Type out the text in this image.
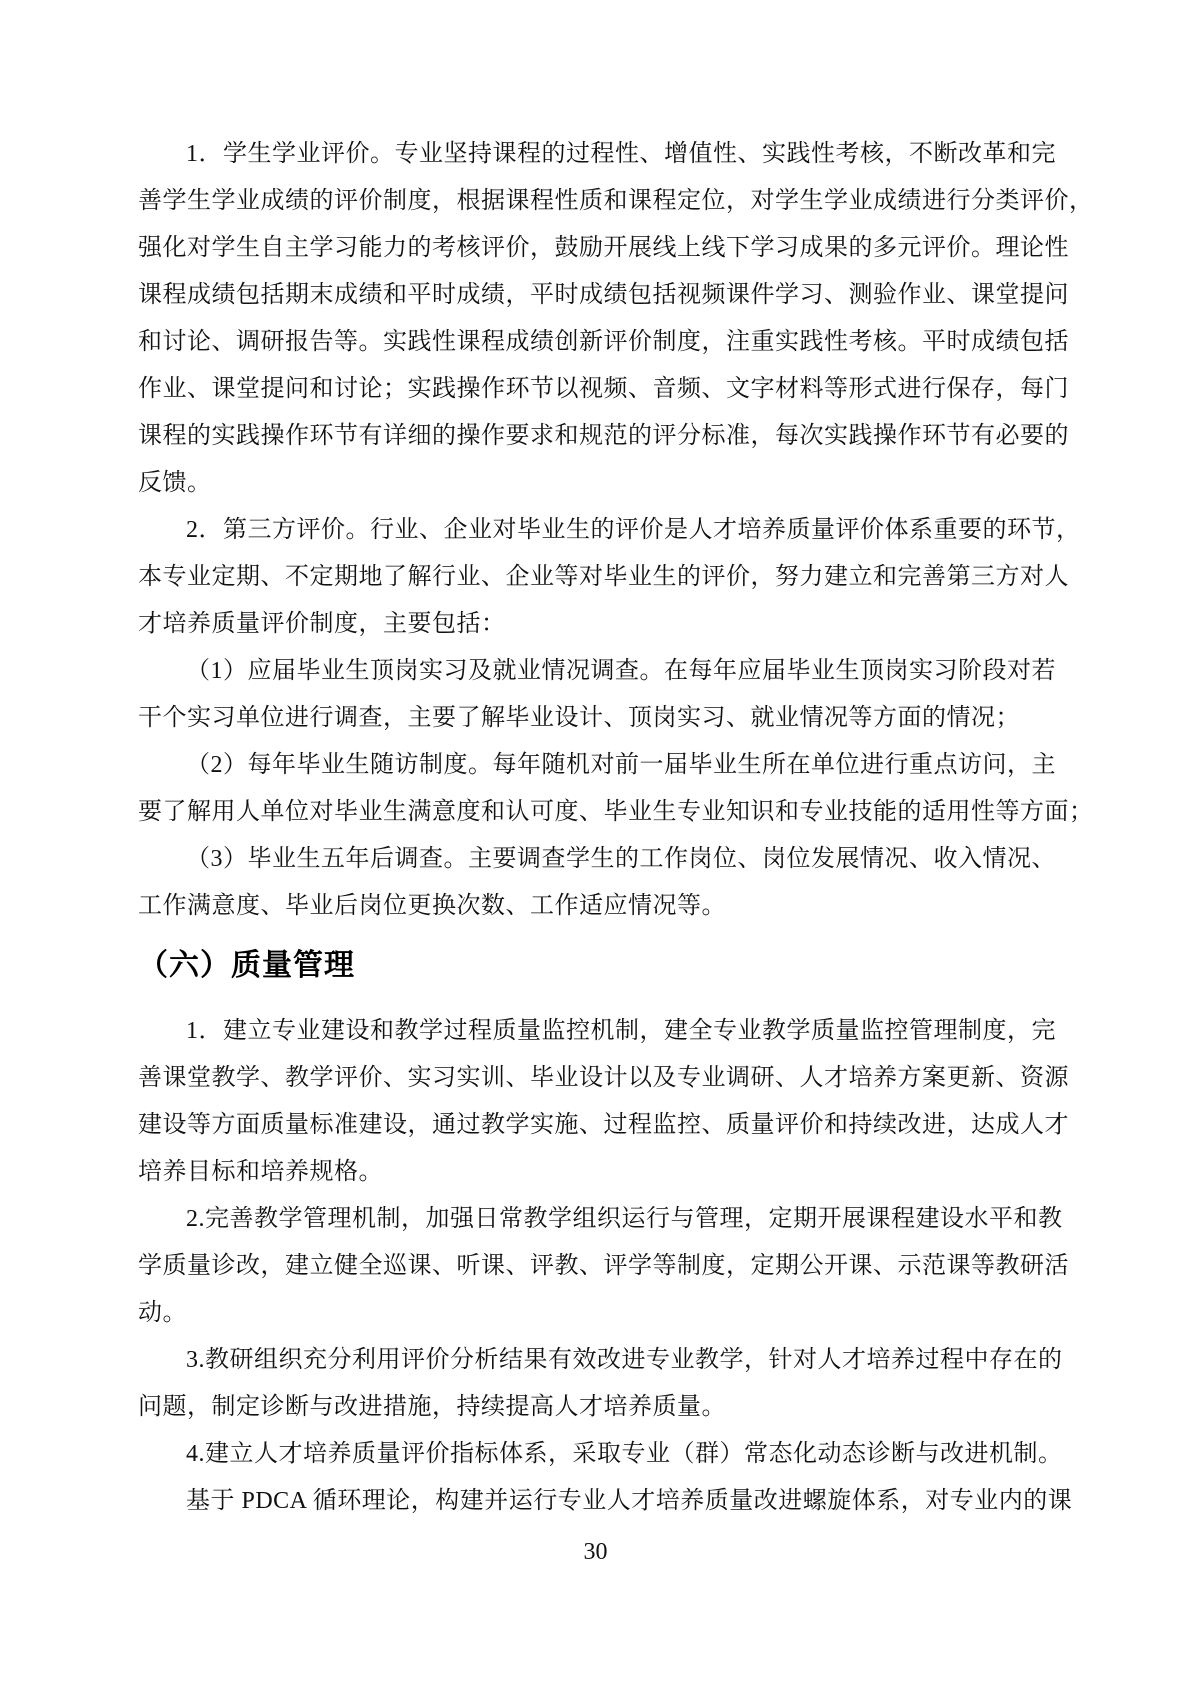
1．学生学业评价。专业坚持课程的过程性、增值性、实践性考核，不断改革和完
善学生学业成绩的评价制度，根据课程性质和课程定位，对学生学业成绩进行分类评价，
强化对学生自主学习能力的考核评价，鼓励开展线上线下学习成果的多元评价。理论性
课程成绩包括期末成绩和平时成绩，平时成绩包括视频课件学习、测验作业、课堂提问
和讨论、调研报告等。实践性课程成绩创新评价制度，注重实践性考核。平时成绩包括
作业、课堂提问和讨论；实践操作环节以视频、音频、文字材料等形式进行保存，每门
课程的实践操作环节有详细的操作要求和规范的评分标准，每次实践操作环节有必要的
反馈。
2．第三方评价。行业、企业对毕业生的评价是人才培养质量评价体系重要的环节，
本专业定期、不定期地了解行业、企业等对毕业生的评价，努力建立和完善第三方对人
才培养质量评价制度，主要包括：
（1）应届毕业生顶岗实习及就业情况调查。在每年应届毕业生顶岗实习阶段对若
干个实习单位进行调查，主要了解毕业设计、顶岗实习、就业情况等方面的情况；
（2）每年毕业生随访制度。每年随机对前一届毕业生所在单位进行重点访问，主
要了解用人单位对毕业生满意度和认可度、毕业生专业知识和专业技能的适用性等方面；
（3）毕业生五年后调查。主要调查学生的工作岗位、岗位发展情况、收入情况、
工作满意度、毕业后岗位更换次数、工作适应情况等。
（六）质量管理
1．建立专业建设和教学过程质量监控机制，建全专业教学质量监控管理制度，完
善课堂教学、教学评价、实习实训、毕业设计以及专业调研、人才培养方案更新、资源
建设等方面质量标准建设，通过教学实施、过程监控、质量评价和持续改进，达成人才
培养目标和培养规格。
2.完善教学管理机制，加强日常教学组织运行与管理，定期开展课程建设水平和教
学质量诊改，建立健全巡课、听课、评教、评学等制度，定期公开课、示范课等教研活
动。
3.教研组织充分利用评价分析结果有效改进专业教学，针对人才培养过程中存在的
问题，制定诊断与改进措施，持续提高人才培养质量。
4.建立人才培养质量评价指标体系，采取专业（群）常态化动态诊断与改进机制。
基于 PDCA 循环理论，构建并运行专业人才培养质量改进螺旋体系，对专业内的课
30
